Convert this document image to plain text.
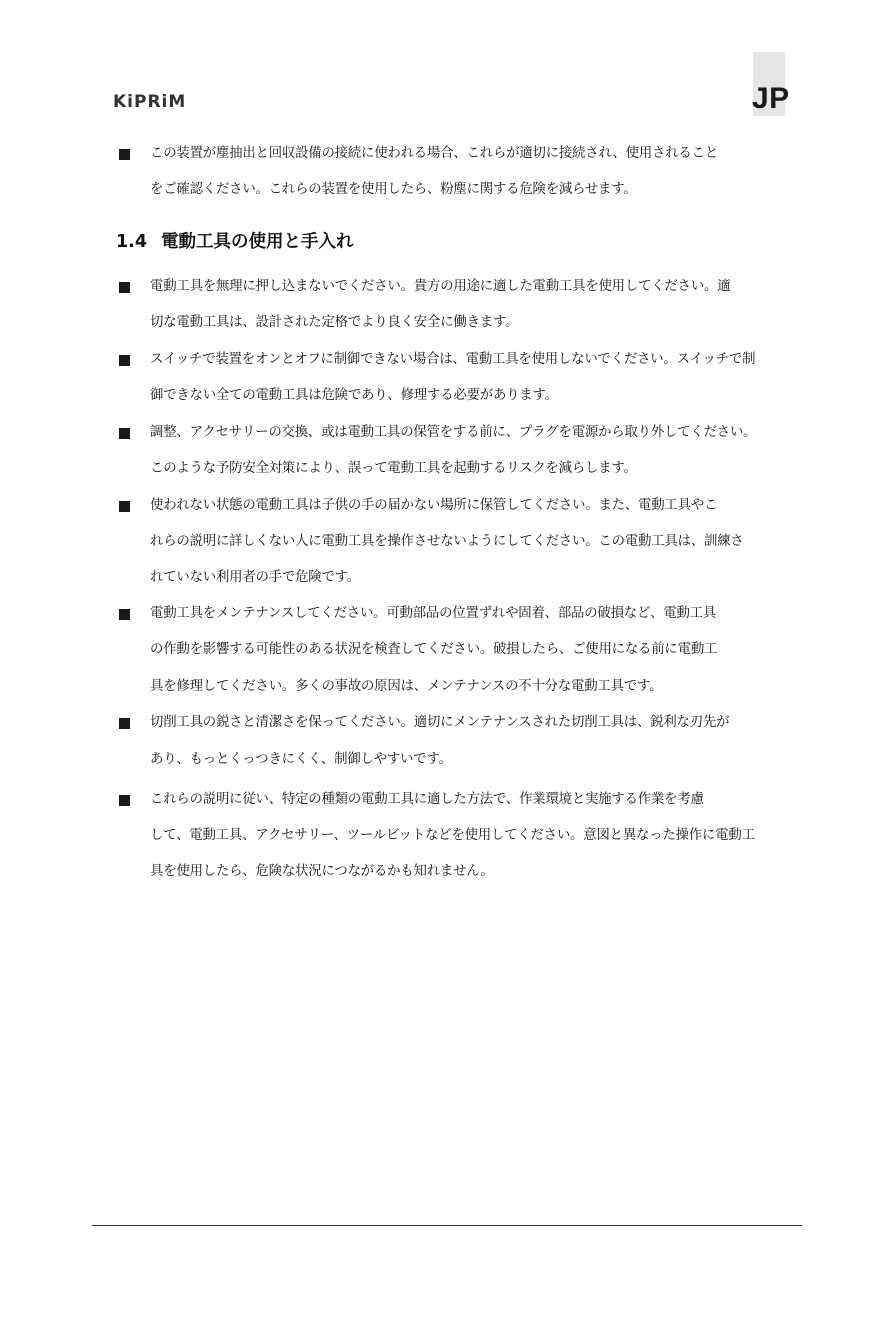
KiPRiM	JP
この装置が塵抽出と回収設備の接続に使われる場合、これらが適切に接続され、使用されること
をご確認ください。これらの装置を使用したら、粉塵に関する危険を減らせます。
1.4 電動工具の使用と手入れ
電動工具を無理に押し込まないでください。貴方の用途に適した電動工具を使用してください。適
切な電動工具は、設計された定格でより良く安全に働きます。
スイッチで装置をオンとオフに制御できない場合は、電動工具を使用しないでください。スイッチで制
御できない全ての電動工具は危険であり、修理する必要があります。
調整、アクセサリーの交換、或は電動工具の保管をする前に、プラグを電源から取り外してください。
このような予防安全対策により、誤って電動工具を起動するリスクを減らします。
使われない状態の電動工具は子供の手の届かない場所に保管してください。また、電動工具やこ
れらの説明に詳しくない人に電動工具を操作させないようにしてください。この電動工具は、訓練さ
れていない利用者の手で危険です。
電動工具をメンテナンスしてください。可動部品の位置ずれや固着、部品の破損など、電動工具
の作動を影響する可能性のある状況を検査してください。破損したら、ご使用になる前に電動工
具を修理してください。多くの事故の原因は、メンテナンスの不十分な電動工具です。
切削工具の鋭さと清潔さを保ってください。適切にメンテナンスされた切削工具は、鋭利な刃先が
あり、もっとくっつきにくく、制御しやすいです。
これらの説明に従い、特定の種類の電動工具に適した方法で、作業環境と実施する作業を考慮
して、電動工具、アクセサリー、ツールビットなどを使用してください。意図と異なった操作に電動工
具を使用したら、危険な状況につながるかも知れません。
